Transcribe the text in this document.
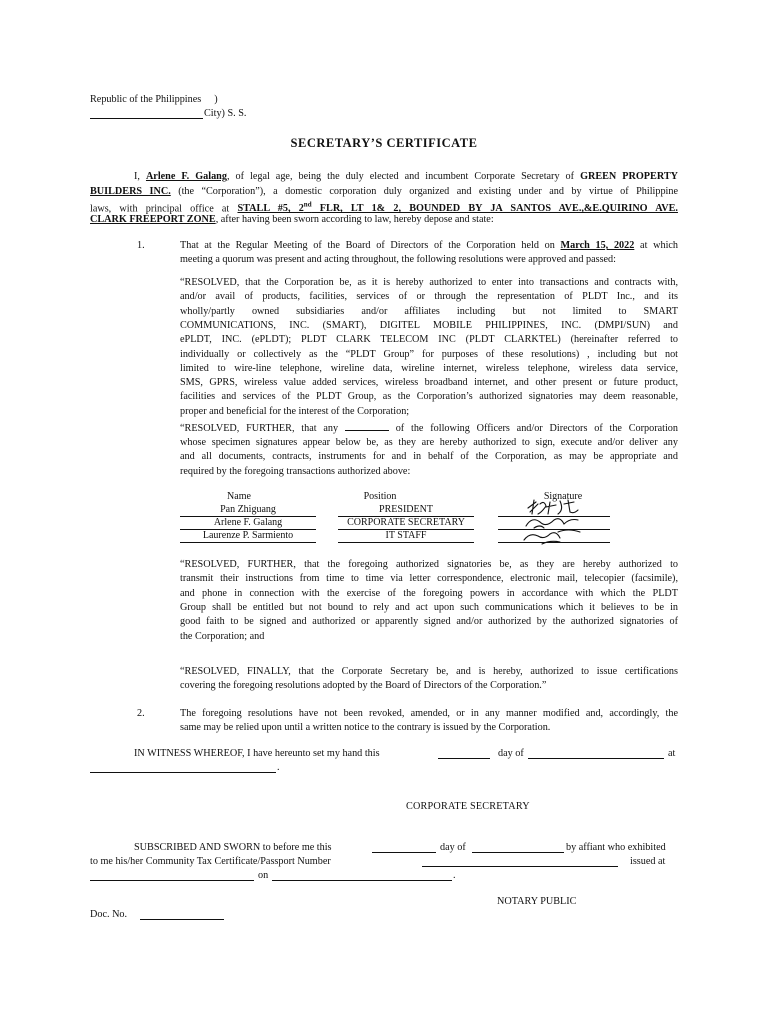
Republic of the Philippines )
City) S. S.
SECRETARY’S CERTIFICATE
I, Arlene F. Galang, of legal age, being the duly elected and incumbent Corporate Secretary of GREEN PROPERTY
BUILDERS INC. (the “Corporation”), a domestic corporation duly organized and existing under and by virtue of Philippine
laws, with principal office at STALL #5, 2nd FLR, LT 1& 2, BOUNDED BY JA SANTOS AVE.,&E.QUIRINO AVE.
CLARK FREEPORT ZONE, after having been sworn according to law, hereby depose and state:
1.	That at the Regular Meeting of the Board of Directors of the Corporation held on March 15, 2022 at which
meeting a quorum was present and acting throughout, the following resolutions were approved and passed:
“RESOLVED, that the Corporation be, as it is hereby authorized to enter into transactions and contracts with,
and/or avail of products, facilities, services of or through the representation of PLDT Inc., and its
wholly/partly owned subsidiaries and/or affiliates including but not limited to SMART
COMMUNICATIONS, INC. (SMART), DIGITEL MOBILE PHILIPPINES, INC. (DMPI/SUN) and
ePLDT, INC. (ePLDT); PLDT CLARK TELECOM INC (PLDT CLARKTEL) (hereinafter referred to
individually or collectively as the “PLDT Group” for purposes of these resolutions) , including but not
limited to wire-line telephone, wireline data, wireline internet, wireless telephone, wireless data service,
SMS, GPRS, wireless value added services, wireless broadband internet, and other present or future product,
facilities and services of the PLDT Group, as the Corporation’s authorized signatories may deem reasonable,
proper and beneficial for the interest of the Corporation;
“RESOLVED, FURTHER, that any	of the following Officers and/or Directors of the Corporation
whose specimen signatures appear below be, as they are hereby authorized to sign, execute and/or deliver any
and all documents, contracts, instruments for and in behalf of the Corporation, as may be appropriate and
required by the foregoing transactions authorized above:
Name	Position	Signature
Pan Zhiguang	PRESIDENT
Arlene F. Galang	CORPORATE SECRETARY
Laurenze P. Sarmiento	IT STAFF
“RESOLVED, FURTHER, that the foregoing authorized signatories be, as they are hereby authorized to
transmit their instructions from time to time via letter correspondence, electronic mail, telecopier (facsimile),
and phone in connection with the exercise of the foregoing powers in accordance with which the PLDT
Group shall be entitled but not bound to rely and act upon such communications which it believes to be in
good faith to be signed and authorized or apparently signed and/or authorized by the authorized signatories of
the Corporation; and
“RESOLVED, FINALLY, that the Corporate Secretary be, and is hereby, authorized to issue certifications
covering the foregoing resolutions adopted by the Board of Directors of the Corporation.”
2.	The foregoing resolutions have not been revoked, amended, or in any manner modified and, accordingly, the
same may be relied upon until a written notice to the contrary is issued by the Corporation.
IN WITNESS WHEREOF, I have hereunto set my hand this	day of	at
.
CORPORATE SECRETARY
SUBSCRIBED AND SWORN to before me this	day of	by affiant who exhibited
to me his/her Community Tax Certificate/Passport Number	issued at
on	.
NOTARY PUBLIC
Doc. No.
